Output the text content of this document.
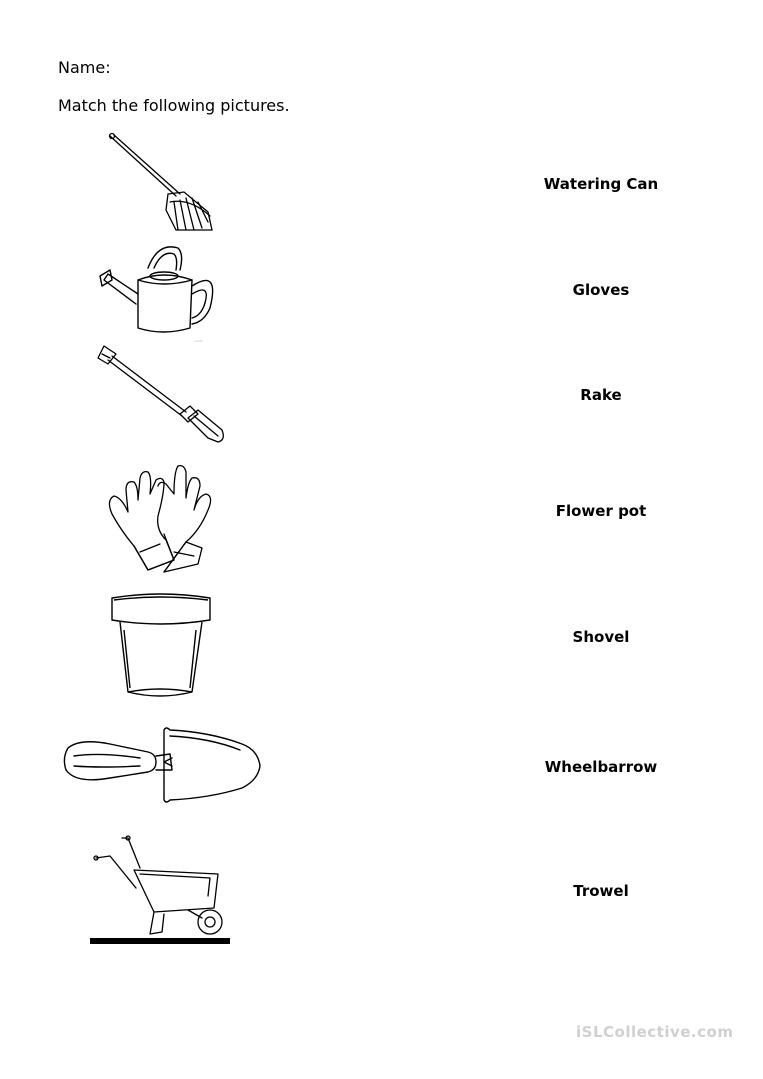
Name:
Match the following pictures.
credit
Watering Can
Gloves
Rake
Flower pot
Shovel
Wheelbarrow
Trowel
iSLCollective.com
